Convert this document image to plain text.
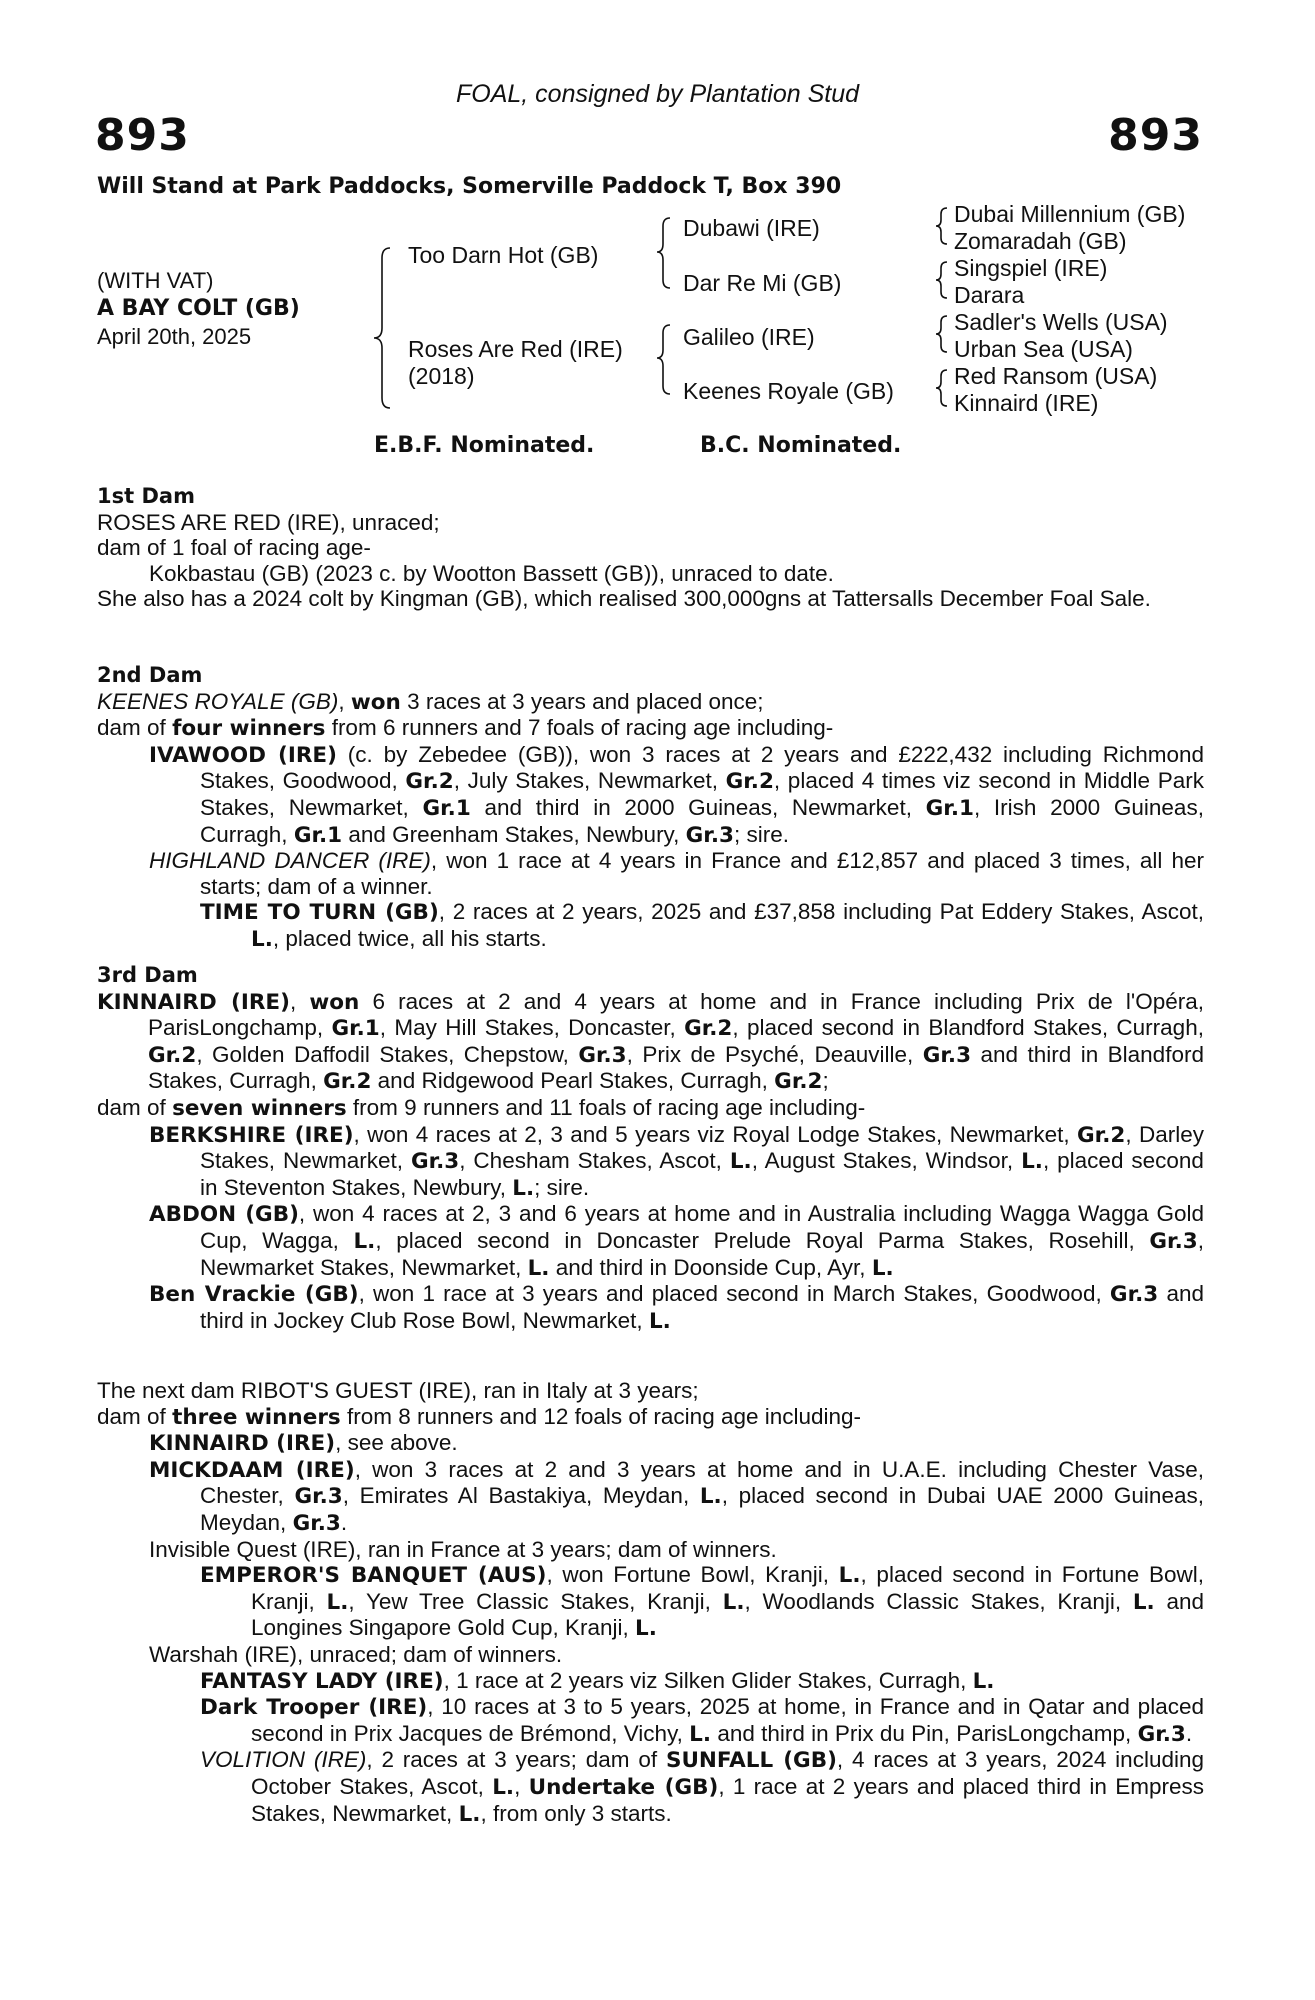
FOAL, consigned by Plantation Stud
893	893
Will Stand at Park Paddocks, Somerville Paddock T, Box 390
(WITH VAT)
A BAY COLT (GB)
April 20th, 2025
Too Darn Hot (GB)
Roses Are Red (IRE)
(2018)
Dubawi (IRE)
Dar Re Mi (GB)
Galileo (IRE)
Keenes Royale (GB)
Dubai Millennium (GB)
Zomaradah (GB)
Singspiel (IRE)
Darara
Sadler's Wells (USA)
Urban Sea (USA)
Red Ransom (USA)
Kinnaird (IRE)
E.B.F. Nominated.	B.C. Nominated.

1st Dam

ROSES ARE RED (IRE), unraced;

dam of 1 foal of racing age-

Kokbastau (GB) (2023 c. by Wootton Bassett (GB)), unraced to date.

She also has a 2024 colt by Kingman (GB), which realised 300,000gns at Tattersalls December Foal Sale.

2nd Dam

KEENES ROYALE (GB), won 3 races at 3 years and placed once;

dam of four winners from 6 runners and 7 foals of racing age including-

IVAWOOD (IRE) (c. by Zebedee (GB)), won 3 races at 2 years and £222,432 including Richmond Stakes, Goodwood, Gr.2, July Stakes, Newmarket, Gr.2, placed 4 times viz second in Middle Park Stakes, Newmarket, Gr.1 and third in 2000 Guineas, Newmarket, Gr.1, Irish 2000 Guineas, Curragh, Gr.1 and Greenham Stakes, Newbury, Gr.3; sire.

HIGHLAND DANCER (IRE), won 1 race at 4 years in France and £12,857 and placed 3 times, all her starts; dam of a winner.

TIME TO TURN (GB), 2 races at 2 years, 2025 and £37,858 including Pat Eddery Stakes, Ascot, L., placed twice, all his starts.

3rd Dam

KINNAIRD (IRE), won 6 races at 2 and 4 years at home and in France including Prix de l'Opéra, ParisLongchamp, Gr.1, May Hill Stakes, Doncaster, Gr.2, placed second in Blandford Stakes, Curragh, Gr.2, Golden Daffodil Stakes, Chepstow, Gr.3, Prix de Psyché, Deauville, Gr.3 and third in Blandford Stakes, Curragh, Gr.2 and Ridgewood Pearl Stakes, Curragh, Gr.2;

dam of seven winners from 9 runners and 11 foals of racing age including-

BERKSHIRE (IRE), won 4 races at 2, 3 and 5 years viz Royal Lodge Stakes, Newmarket, Gr.2, Darley Stakes, Newmarket, Gr.3, Chesham Stakes, Ascot, L., August Stakes, Windsor, L., placed second in Steventon Stakes, Newbury, L.; sire.

ABDON (GB), won 4 races at 2, 3 and 6 years at home and in Australia including Wagga Wagga Gold Cup, Wagga, L., placed second in Doncaster Prelude Royal Parma Stakes, Rosehill, Gr.3, Newmarket Stakes, Newmarket, L. and third in Doonside Cup, Ayr, L.

Ben Vrackie (GB), won 1 race at 3 years and placed second in March Stakes, Goodwood, Gr.3 and third in Jockey Club Rose Bowl, Newmarket, L.

The next dam RIBOT'S GUEST (IRE), ran in Italy at 3 years;

dam of three winners from 8 runners and 12 foals of racing age including-

KINNAIRD (IRE), see above.

MICKDAAM (IRE), won 3 races at 2 and 3 years at home and in U.A.E. including Chester Vase, Chester, Gr.3, Emirates Al Bastakiya, Meydan, L., placed second in Dubai UAE 2000 Guineas, Meydan, Gr.3.

Invisible Quest (IRE), ran in France at 3 years; dam of winners.

EMPEROR'S BANQUET (AUS), won Fortune Bowl, Kranji, L., placed second in Fortune Bowl, Kranji, L., Yew Tree Classic Stakes, Kranji, L., Woodlands Classic Stakes, Kranji, L. and Longines Singapore Gold Cup, Kranji, L.

Warshah (IRE), unraced; dam of winners.

FANTASY LADY (IRE), 1 race at 2 years viz Silken Glider Stakes, Curragh, L.

Dark Trooper (IRE), 10 races at 3 to 5 years, 2025 at home, in France and in Qatar and placed second in Prix Jacques de Brémond, Vichy, L. and third in Prix du Pin, ParisLongchamp, Gr.3.

VOLITION (IRE), 2 races at 3 years; dam of SUNFALL (GB), 4 races at 3 years, 2024 including October Stakes, Ascot, L., Undertake (GB), 1 race at 2 years and placed third in Empress Stakes, Newmarket, L., from only 3 starts.
